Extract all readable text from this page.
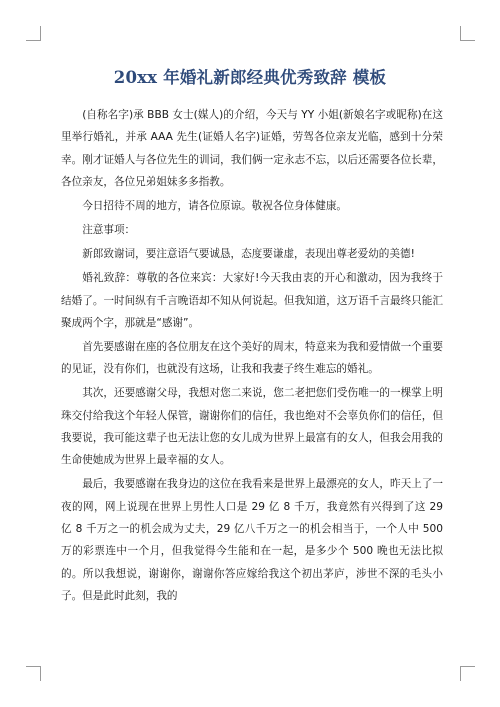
20xx 年婚礼新郎经典优秀致辞 模板

(自称名字)承 BBB 女士(媒人)的介绍，今天与 YY 小姐(新娘名字或昵称)在这里举行婚礼，并承 AAA 先生(证婚人名字)证婚，劳驾各位亲友光临，感到十分荣幸。刚才证婚人与各位先生的训词，我们俩一定永志不忘，以后还需要各位长辈，各位亲友，各位兄弟姐妹多多指教。

今日招待不周的地方，请各位原谅。敬祝各位身体健康。

注意事项：

新郎致谢词，要注意语气要诚恳，态度要谦虚，表现出尊老爱幼的美德!

婚礼致辞：尊敬的各位来宾：大家好!今天我由衷的开心和激动，因为我终于结婚了。一时间纵有千言晚语却不知从何说起。但我知道，这万语千言最终只能汇聚成两个字，那就是“感谢”。

首先要感谢在座的各位朋友在这个美好的周末，特意来为我和爱情做一个重要的见证，没有你们，也就没有这场，让我和我妻子终生难忘的婚礼。

其次，还要感谢父母，我想对您二来说，您二老把您们受伤唯一的一棵掌上明珠交付给我这个年轻人保管，谢谢你们的信任，我也绝对不会辜负你们的信任，但我要说，我可能这辈子也无法让您的女儿成为世界上最富有的女人，但我会用我的生命使她成为世界上最幸福的女人。

最后，我要感谢在我身边的这位在我看来是世界上最漂亮的女人，昨天上了一夜的网，网上说现在世界上男性人口是 29 亿 8 千万，我竟然有兴得到了这 29 亿 8 千万之一的机会成为丈夫，29 亿八千万之一的机会相当于，一个人中 500 万的彩票连中一个月，但我觉得今生能和在一起，是多少个 500 晚也无法比拟的。所以我想说，谢谢你，谢谢你答应嫁给我这个初出茅庐，涉世不深的毛头小子。但是此时此刻，我的
